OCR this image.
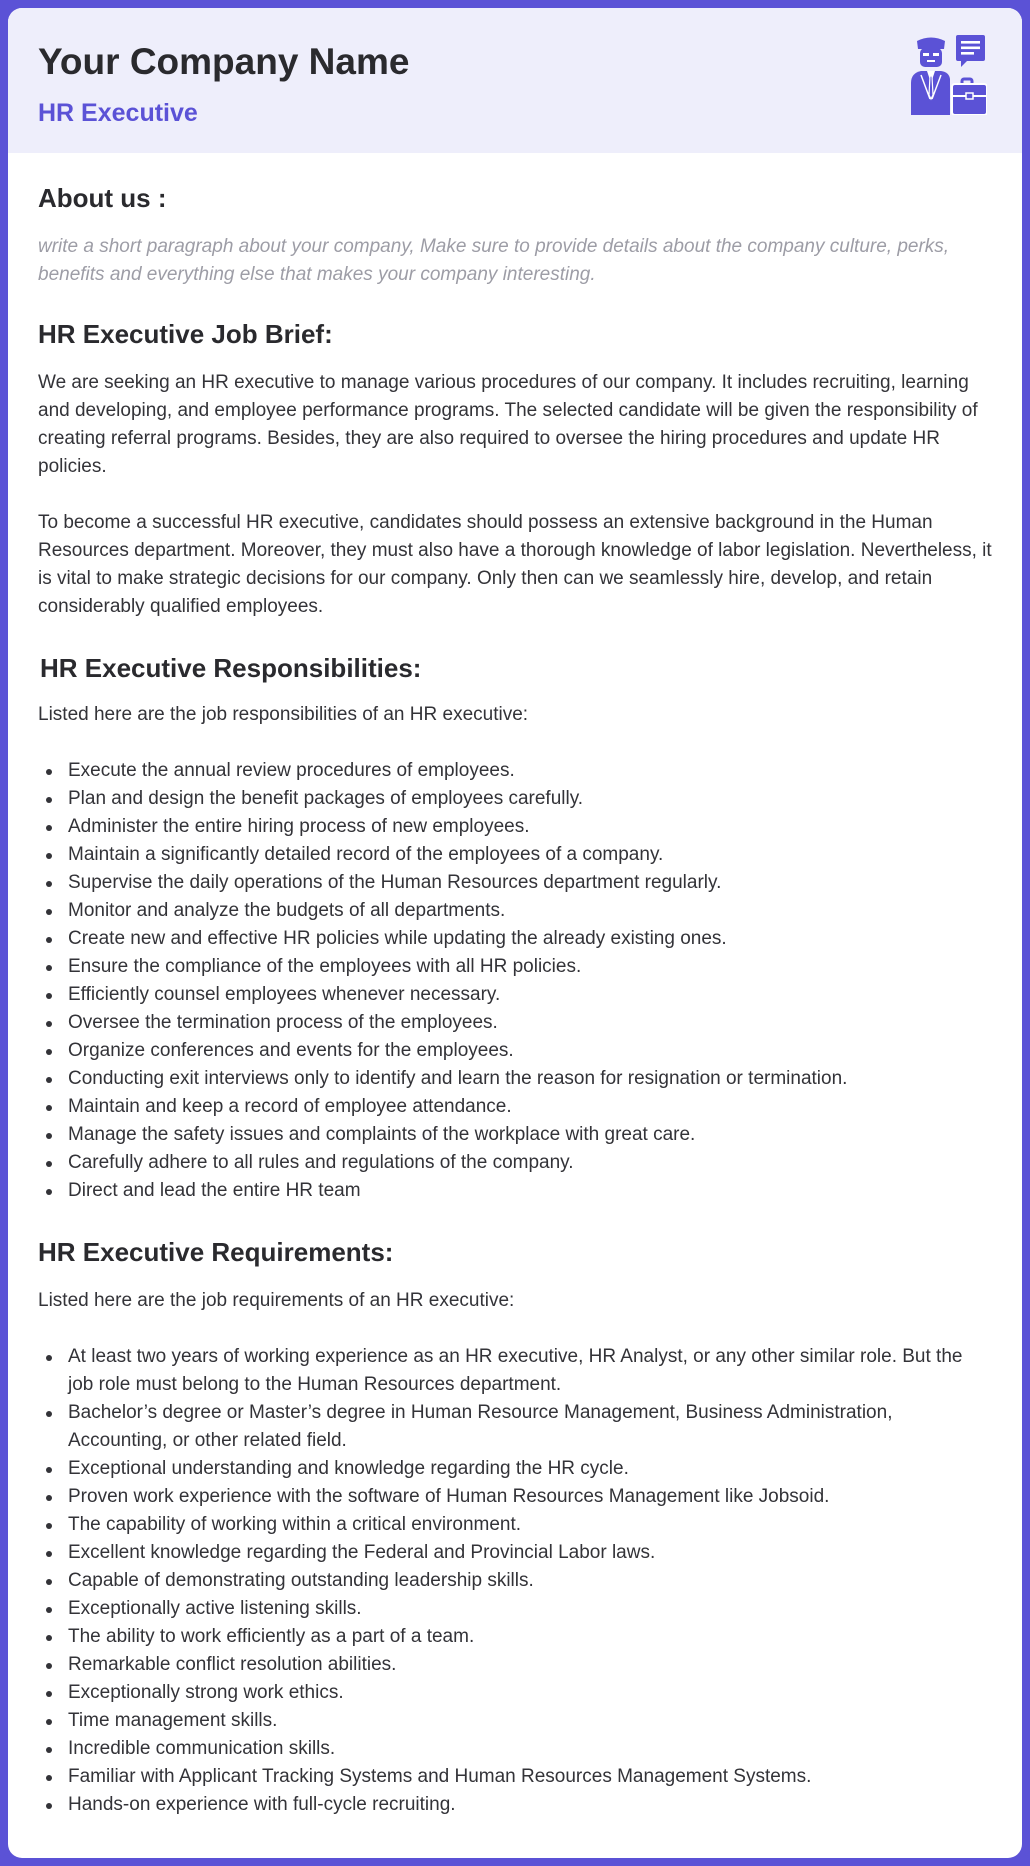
Your Company Name
HR Executive
About us :

write a short paragraph about your company, Make sure to provide details about the company culture, perks, benefits and everything else that makes your company interesting.

HR Executive Job Brief:

We are seeking an HR executive to manage various procedures of our company. It includes recruiting, learning and developing, and employee performance programs. The selected candidate will be given the responsibility of creating referral programs. Besides, they are also required to oversee the hiring procedures and update HR policies.

To become a successful HR executive, candidates should possess an extensive background in the Human Resources department. Moreover, they must also have a thorough knowledge of labor legislation. Nevertheless, it is vital to make strategic decisions for our company. Only then can we seamlessly hire, develop, and retain considerably qualified employees.

HR Executive Responsibilities:

Listed here are the job responsibilities of an HR executive:

Execute the annual review procedures of employees.
Plan and design the benefit packages of employees carefully.
Administer the entire hiring process of new employees.
Maintain a significantly detailed record of the employees of a company.
Supervise the daily operations of the Human Resources department regularly.
Monitor and analyze the budgets of all departments.
Create new and effective HR policies while updating the already existing ones.
Ensure the compliance of the employees with all HR policies.
Efficiently counsel employees whenever necessary.
Oversee the termination process of the employees.
Organize conferences and events for the employees.
Conducting exit interviews only to identify and learn the reason for resignation or termination.
Maintain and keep a record of employee attendance.
Manage the safety issues and complaints of the workplace with great care.
Carefully adhere to all rules and regulations of the company.
Direct and lead the entire HR team
HR Executive Requirements:

Listed here are the job requirements of an HR executive:

At least two years of working experience as an HR executive, HR Analyst, or any other similar role. But the job role must belong to the Human Resources department.
Bachelor’s degree or Master’s degree in Human Resource Management, Business Administration, Accounting, or other related field.
Exceptional understanding and knowledge regarding the HR cycle.
Proven work experience with the software of Human Resources Management like Jobsoid.
The capability of working within a critical environment.
Excellent knowledge regarding the Federal and Provincial Labor laws.
Capable of demonstrating outstanding leadership skills.
Exceptionally active listening skills.
The ability to work efficiently as a part of a team.
Remarkable conflict resolution abilities.
Exceptionally strong work ethics.
Time management skills.
Incredible communication skills.
Familiar with Applicant Tracking Systems and Human Resources Management Systems.
Hands-on experience with full-cycle recruiting.
